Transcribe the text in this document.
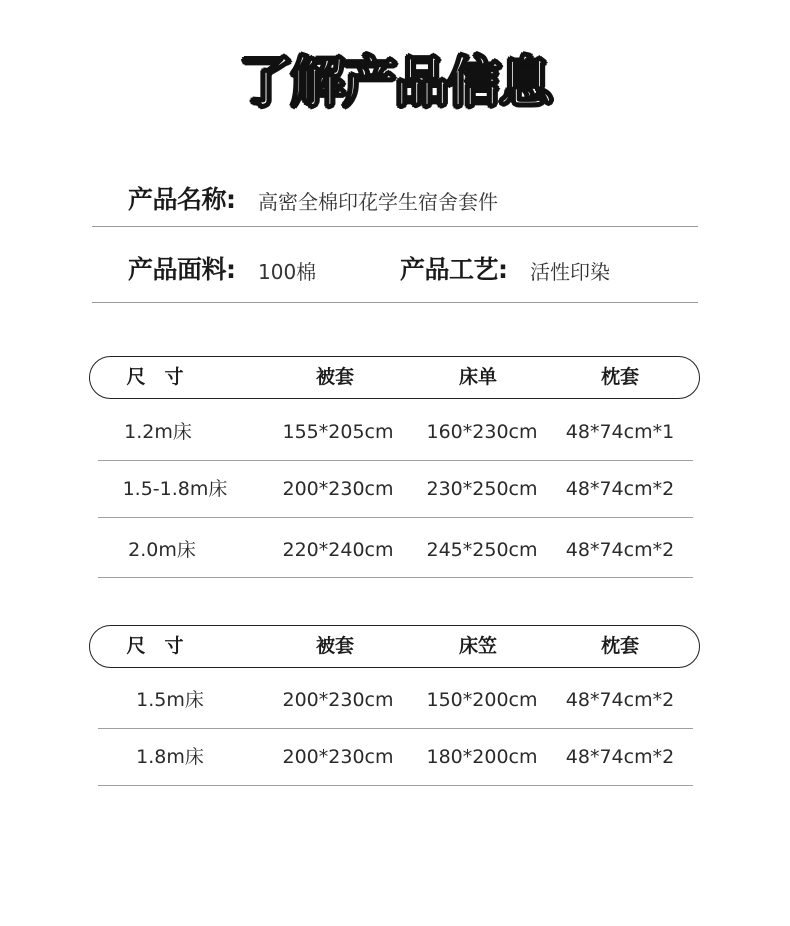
了解产品信息
产品名称: 高密全棉印花学生宿舍套件
产品面料: 100棉	产品工艺: 活性印染
尺　寸	被套	床单	枕套
1.2m床	155*205cm 160*230cm	48*74cm*1
1.5-1.8m床	200*230cm 230*250cm	48*74cm*2
2.0m床	220*240cm 245*250cm	48*74cm*2
尺　寸	被套	床笠	枕套
1.5m床	200*230cm 150*200cm	48*74cm*2
1.8m床	200*230cm 180*200cm	48*74cm*2
